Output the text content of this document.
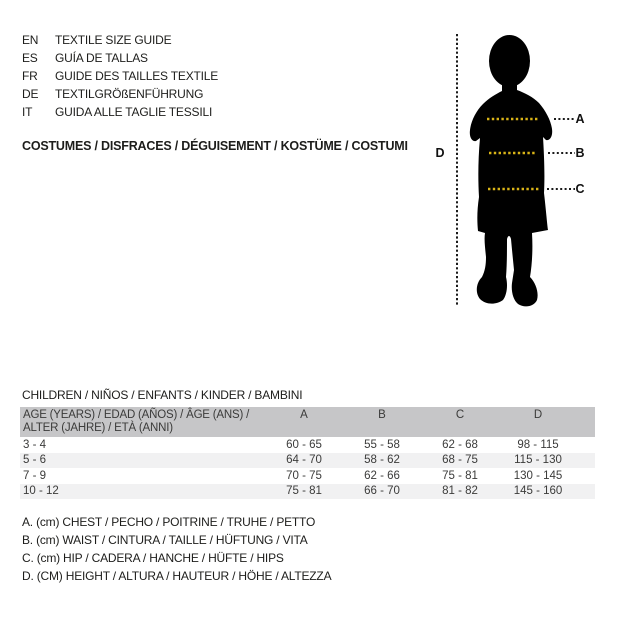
EN	TEXTILE SIZE GUIDE
ES	GUÍA DE TALLAS
FR	GUIDE DES TAILLES TEXTILE
DE	TEXTILGRÖßENFÜHRUNG
IT	GUIDA ALLE TAGLIE TESSILI
COSTUMES / DISFRACES / DÉGUISEMENT / KOSTÜME / COSTUMI
A
B
C
D
CHILDREN / NIÑOS / ENFANTS / KINDER / BAMBINI
AGE (YEARS) / EDAD (AÑOS) / ÂGE (ANS) /
ALTER (JAHRE) / ETÀ (ANNI)
A	B	C	D
3 - 4	60 - 65	55 - 58	62 - 68	98 - 115
5 - 6	64 - 70	58 - 62	68 - 75	115 - 130
7 - 9	70 - 75	62 - 66	75 - 81	130 - 145
10 - 12	75 - 81	66 - 70	81 - 82	145 - 160
A. (cm) CHEST / PECHO / POITRINE / TRUHE / PETTO
B. (cm) WAIST / CINTURA / TAILLE / HÜFTUNG / VITA
C. (cm) HIP / CADERA / HANCHE / HÜFTE / HIPS
D. (CM) HEIGHT / ALTURA / HAUTEUR / HÖHE / ALTEZZA
